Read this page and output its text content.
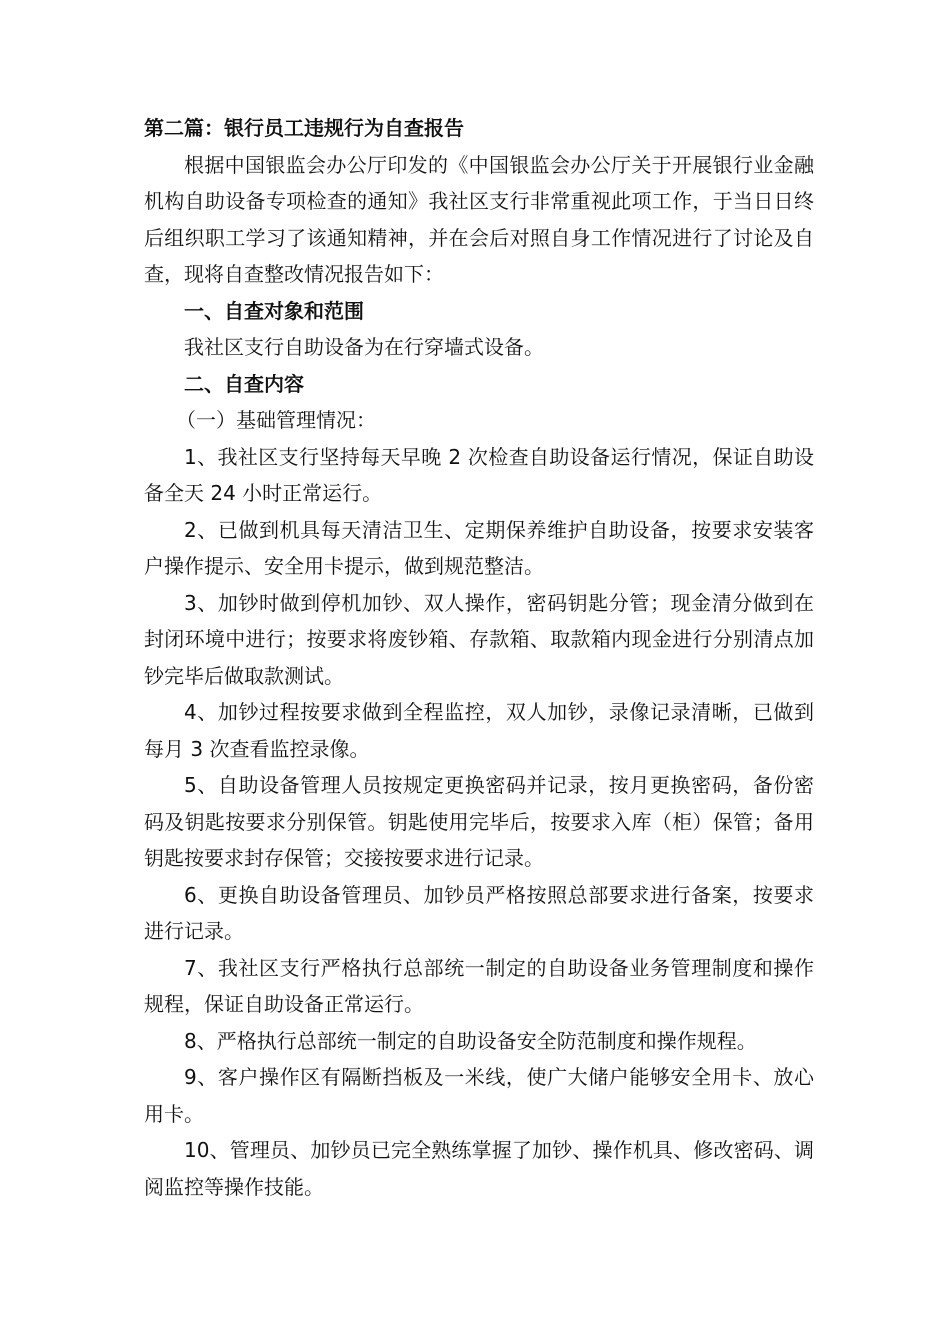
第二篇：银行员工违规行为自查报告

根据中国银监会办公厅印发的《中国银监会办公厅关于开展银行业金融机构自助设备专项检查的通知》我社区支行非常重视此项工作，于当日日终后组织职工学习了该通知精神，并在会后对照自身工作情况进行了讨论及自查，现将自查整改情况报告如下：

一、自查对象和范围

我社区支行自助设备为在行穿墙式设备。

二、自查内容

（一）基础管理情况：

1、我社区支行坚持每天早晚 2 次检查自助设备运行情况，保证自助设备全天 24 小时正常运行。

2、已做到机具每天清洁卫生、定期保养维护自助设备，按要求安装客户操作提示、安全用卡提示，做到规范整洁。

3、加钞时做到停机加钞、双人操作，密码钥匙分管；现金清分做到在封闭环境中进行；按要求将废钞箱、存款箱、取款箱内现金进行分别清点加钞完毕后做取款测试。

4、加钞过程按要求做到全程监控，双人加钞，录像记录清晰，已做到每月 3 次查看监控录像。

5、自助设备管理人员按规定更换密码并记录，按月更换密码，备份密码及钥匙按要求分别保管。钥匙使用完毕后，按要求入库（柜）保管；备用钥匙按要求封存保管；交接按要求进行记录。

6、更换自助设备管理员、加钞员严格按照总部要求进行备案，按要求进行记录。

7、我社区支行严格执行总部统一制定的自助设备业务管理制度和操作规程，保证自助设备正常运行。

8、严格执行总部统一制定的自助设备安全防范制度和操作规程。

9、客户操作区有隔断挡板及一米线，使广大储户能够安全用卡、放心用卡。

10、管理员、加钞员已完全熟练掌握了加钞、操作机具、修改密码、调阅监控等操作技能。
